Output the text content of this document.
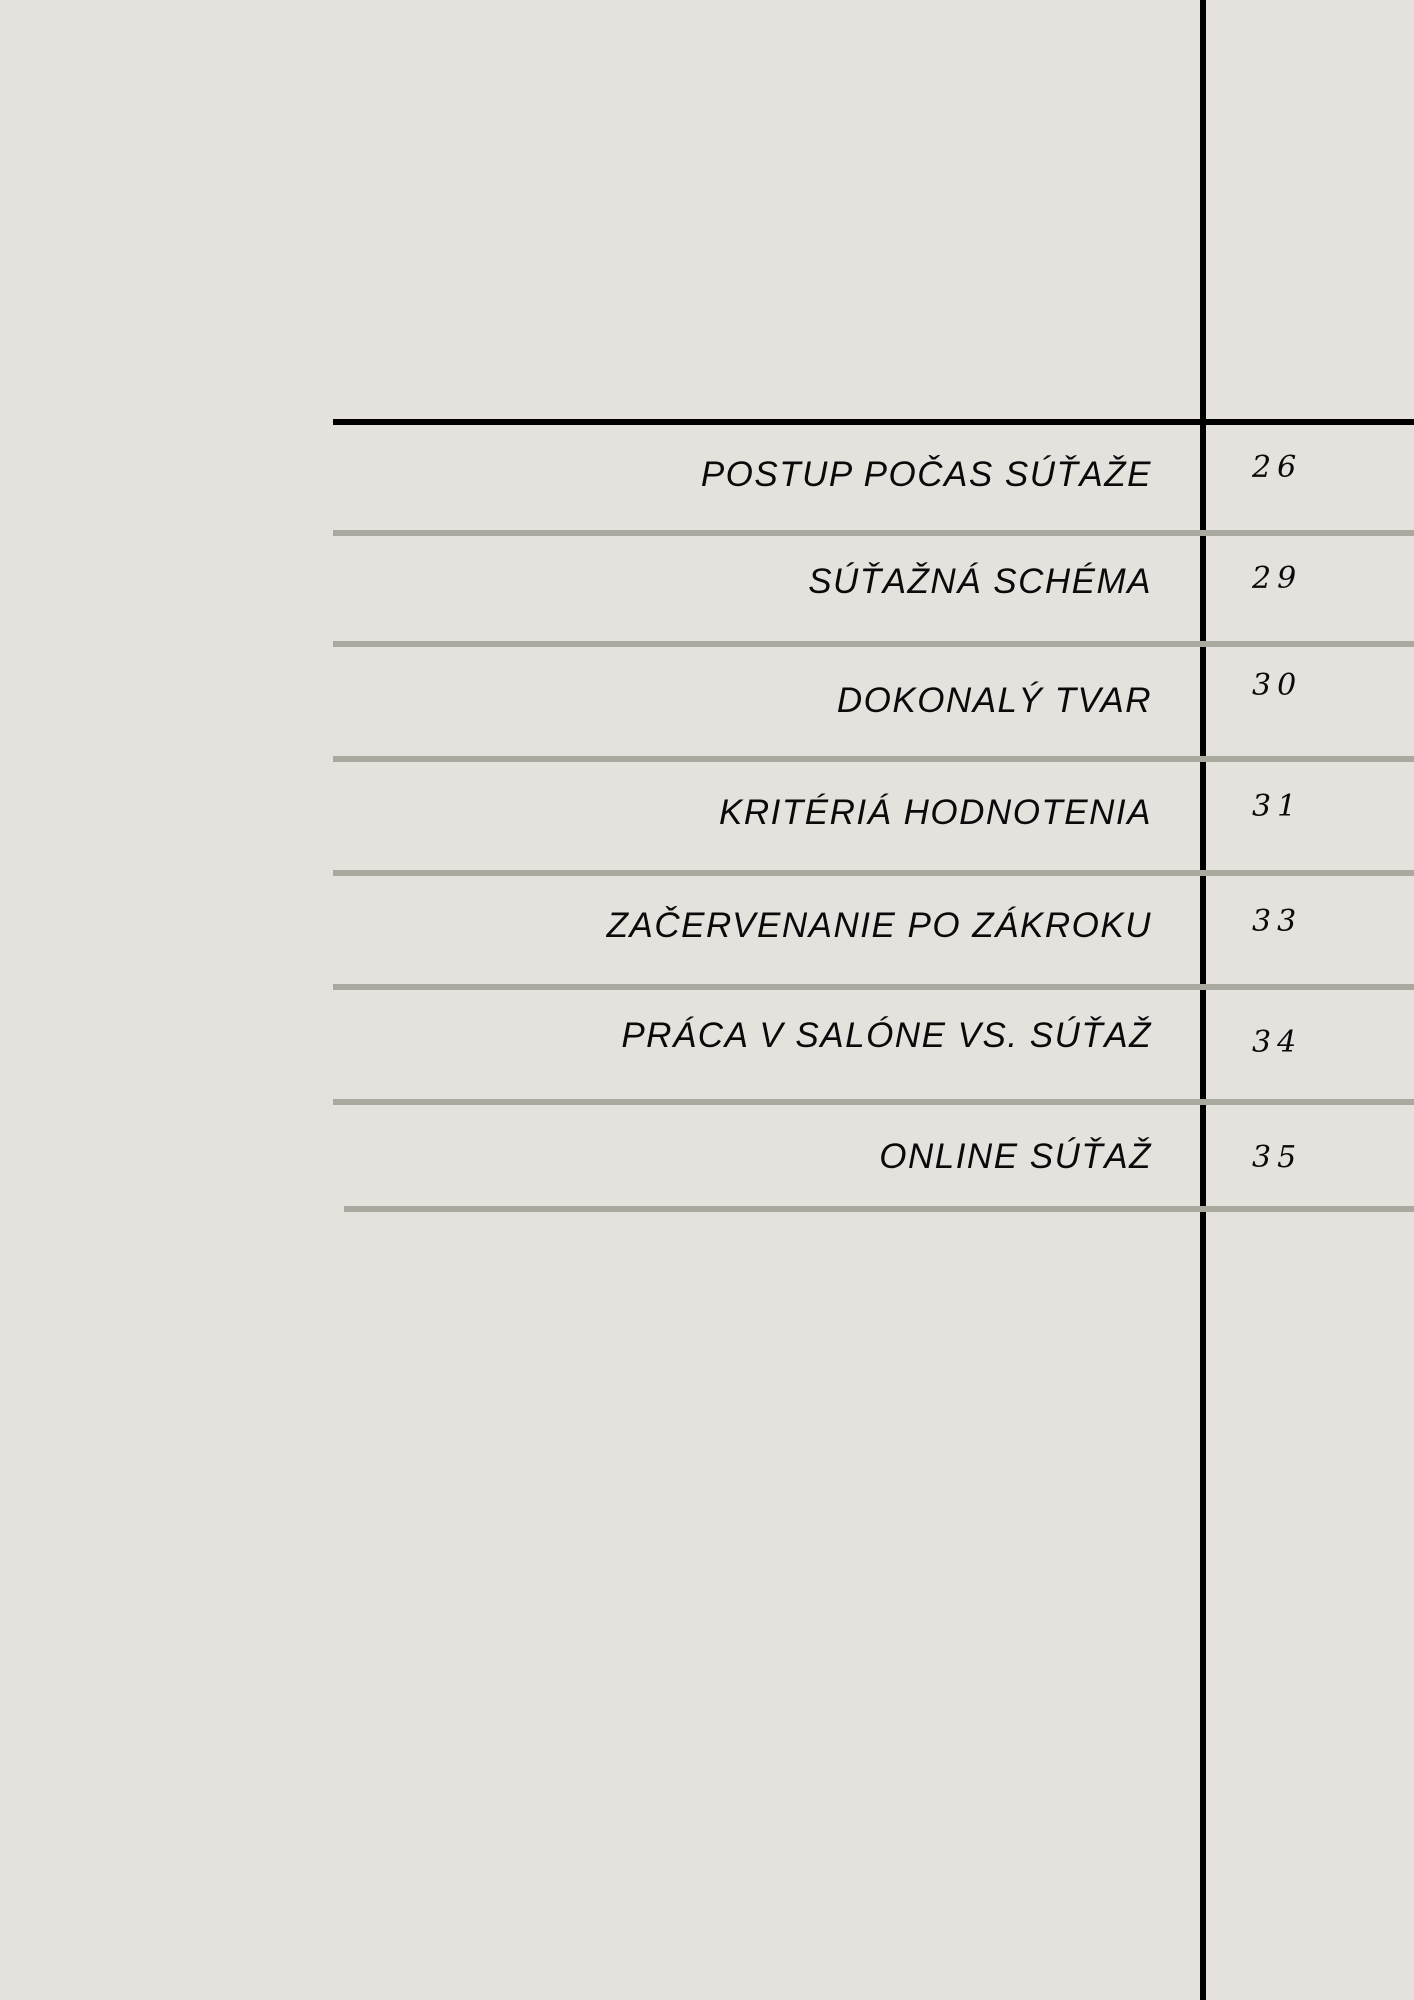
POSTUP POČAS SÚŤAŽE	26
SÚŤAŽNÁ SCHÉMA	29
DOKONALÝ TVAR	30
KRITÉRIÁ HODNOTENIA	31
ZAČERVENANIE PO ZÁKROKU	33
PRÁCA V SALÓNE VS. SÚŤAŽ	34
ONLINE SÚŤAŽ	35
